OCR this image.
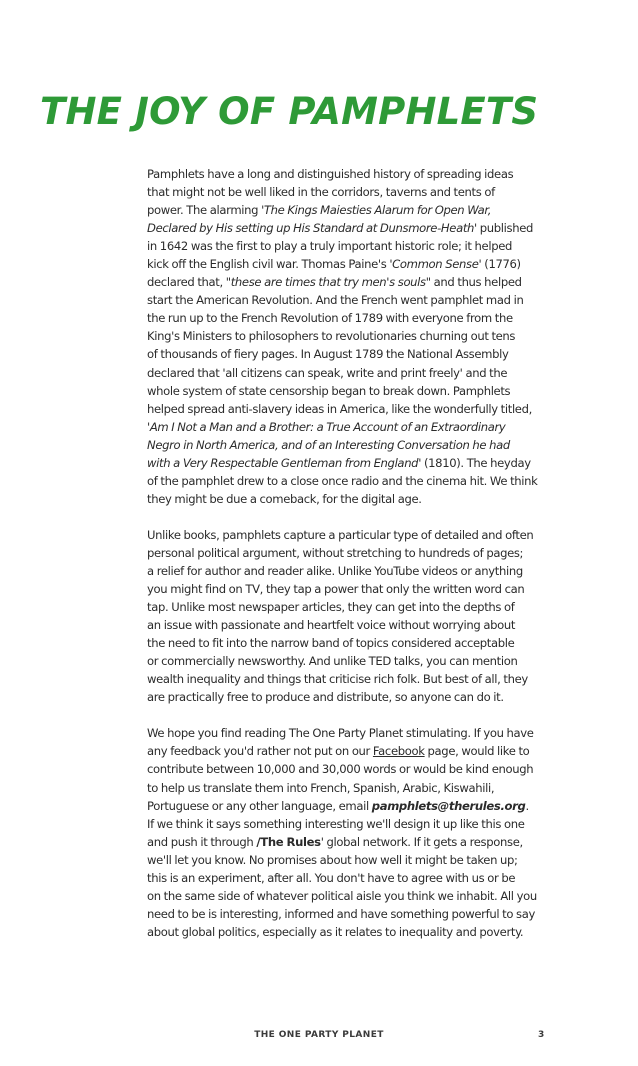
THE JOY OF PAMPHLETS

Pamphlets have a long and distinguished history of spreading ideas
that might not be well liked in the corridors, taverns and tents of
power. The alarming 'The Kings Maiesties Alarum for Open War,
Declared by His setting up His Standard at Dunsmore-Heath' published
in 1642 was the first to play a truly important historic role; it helped
kick off the English civil war. Thomas Paine's 'Common Sense' (1776)
declared that, "these are times that try men's souls" and thus helped
start the American Revolution. And the French went pamphlet mad in
the run up to the French Revolution of 1789 with everyone from the
King's Ministers to philosophers to revolutionaries churning out tens
of thousands of fiery pages. In August 1789 the National Assembly
declared that 'all citizens can speak, write and print freely' and the
whole system of state censorship began to break down. Pamphlets
helped spread anti-slavery ideas in America, like the wonderfully titled,
'Am I Not a Man and a Brother: a True Account of an Extraordinary
Negro in North America, and of an Interesting Conversation he had
with a Very Respectable Gentleman from England' (1810). The heyday
of the pamphlet drew to a close once radio and the cinema hit. We think
they might be due a comeback, for the digital age.

Unlike books, pamphlets capture a particular type of detailed and often
personal political argument, without stretching to hundreds of pages;
a relief for author and reader alike. Unlike YouTube videos or anything
you might find on TV, they tap a power that only the written word can
tap. Unlike most newspaper articles, they can get into the depths of
an issue with passionate and heartfelt voice without worrying about
the need to fit into the narrow band of topics considered acceptable
or commercially newsworthy. And unlike TED talks, you can mention
wealth inequality and things that criticise rich folk. But best of all, they
are practically free to produce and distribute, so anyone can do it.

We hope you find reading The One Party Planet stimulating. If you have
any feedback you'd rather not put on our Facebook page, would like to
contribute between 10,000 and 30,000 words or would be kind enough
to help us translate them into French, Spanish, Arabic, Kiswahili,
Portuguese or any other language, email pamphlets@therules.org.
If we think it says something interesting we'll design it up like this one
and push it through /The Rules' global network. If it gets a response,
we'll let you know. No promises about how well it might be taken up;
this is an experiment, after all. You don't have to agree with us or be
on the same side of whatever political aisle you think we inhabit. All you
need to be is interesting, informed and have something powerful to say
about global politics, especially as it relates to inequality and poverty.

THE ONE PARTY PLANET	3
